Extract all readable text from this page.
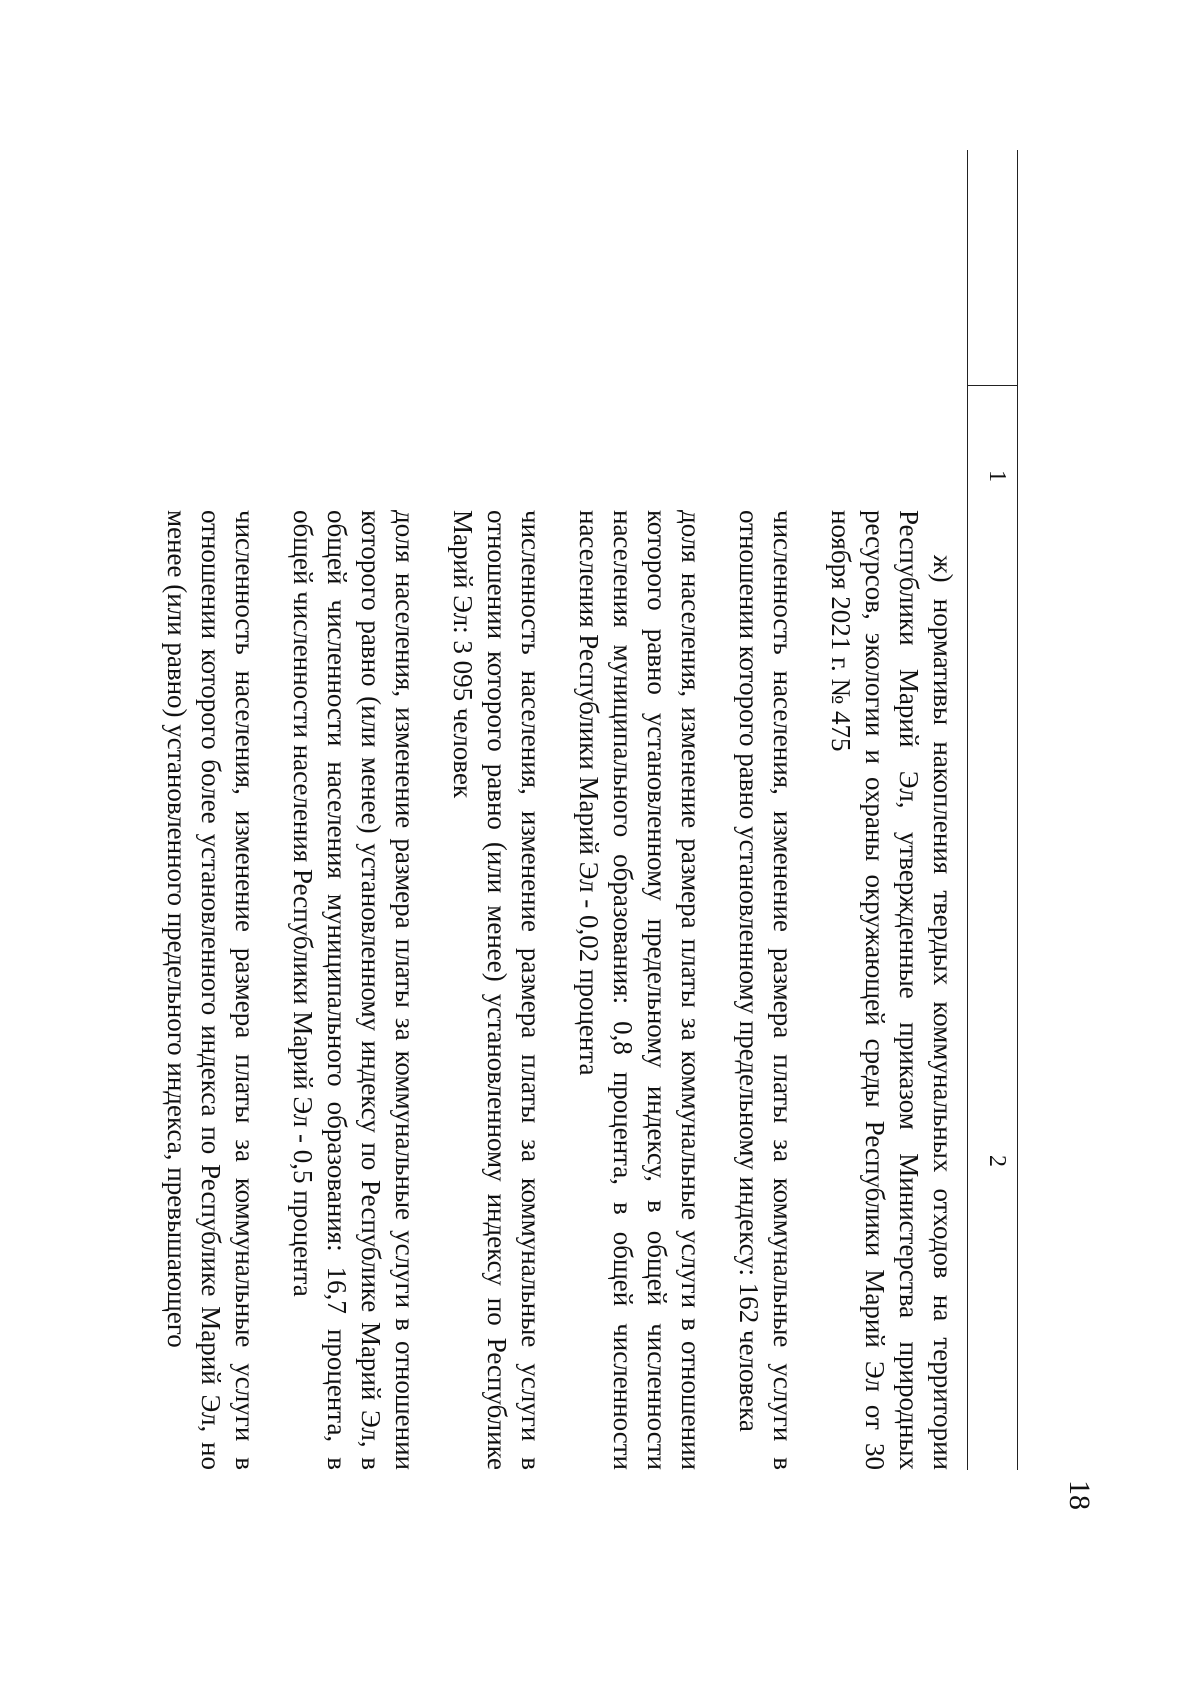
18
1
2

ж) нормативы накопления твердых коммунальных отходов на территории Республики Марий Эл, утвержденные приказом Министерства природных ресурсов, экологии и охраны окружающей среды Республики Марий Эл от 30 ноября 2021 г. № 475

численность населения, изменение размера платы за коммунальные услуги в отношении которого равно установленному предельному индексу: 162 человека

доля населения, изменение размера платы за коммунальные услуги в отношении которого равно установленному предельному индексу, в общей численности населения муниципального образования: 0,8 процента, в общей численности населения Республики Марий Эл - 0,02 процента

численность населения, изменение размера платы за коммунальные услуги в отношении которого равно (или менее) установленному индексу по Республике Марий Эл: 3 095 человек

доля населения, изменение размера платы за коммунальные услуги в отношении которого равно (или менее) установленному индексу по Республике Марий Эл, в общей численности населения муниципального образования: 16,7 процента, в общей численности населения Республики Марий Эл - 0,5 процента

численность населения, изменение размера платы за коммунальные услуги в отношении которого более установленного индекса по Республике Марий Эл, но менее (или равно) установленного предельного индекса, превышающего
